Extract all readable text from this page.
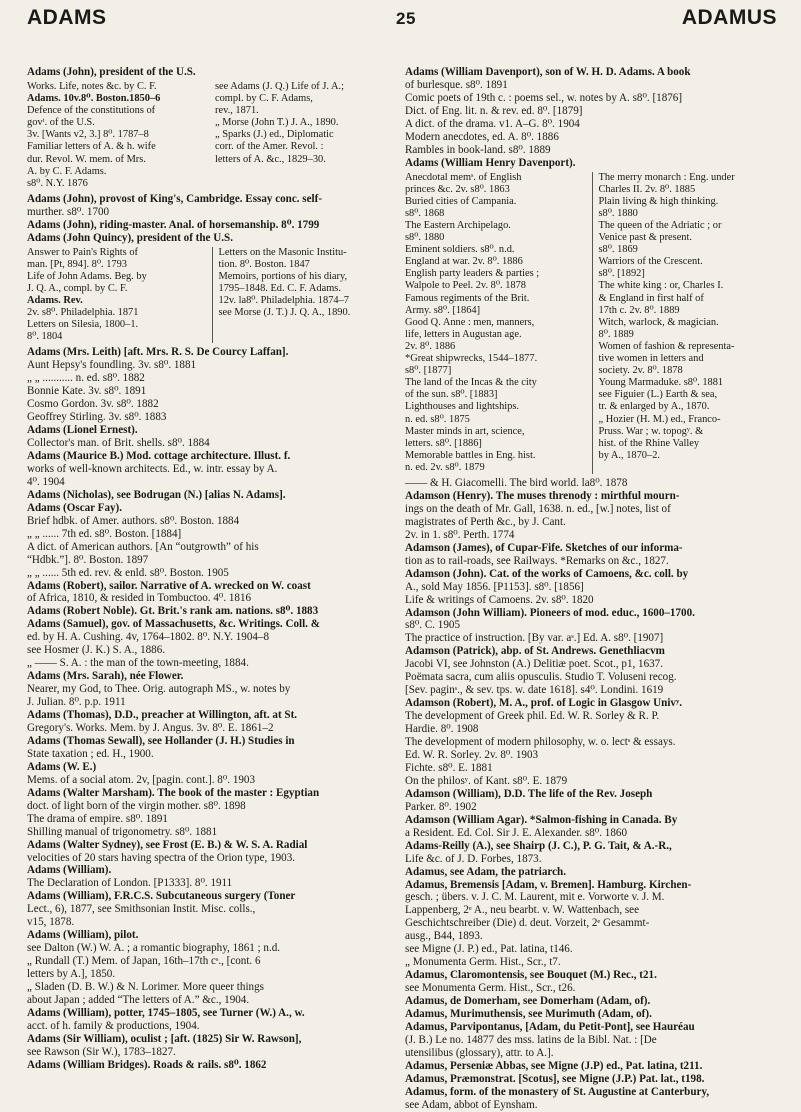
ADAMS	25	ADAMUS

Adams (John), president of the U.S.

Works. Life, notes &c. by C. F.
Adams. 10v.8⁰. Boston.1850–6
Defence of the constitutions of
govᵗ. of the U.S.
3v. [Wants v2, 3.] 8⁰. 1787–8
Familiar letters of A. & h. wife
dur. Revol. W. mem. of Mrs.
A. by C. F. Adams.
s8⁰. N.Y. 1876
see Adams (J. Q.) Life of J. A.;
compl. by C. F. Adams,
rev., 1871.
„ Morse (John T.) J. A., 1890.
„ Sparks (J.) ed., Diplomatic
corr. of the Amer. Revol. :
letters of A. &c., 1829–30.
Adams (John), provost of King's, Cambridge. Essay conc. self-
murther. s8⁰. 1700
Adams (John), riding-master. Anal. of horsemanship. 8⁰. 1799
Adams (John Quincy), president of the U.S.
Answer to Pain's Rights of
man. [Pt, 894]. 8⁰. 1793
Life of John Adams. Beg. by
J. Q. A., compl. by C. F.
Adams. Rev.
2v. s8⁰. Philadelphia. 1871
Letters on Silesia, 1800–1.
8⁰. 1804
Letters on the Masonic Institu-
tion. 8⁰. Boston. 1847
Memoirs, portions of his diary,
1795–1848. Ed. C. F. Adams.
12v. la8⁰. Philadelphia. 1874–7
see Morse (J. T.) J. Q. A., 1890.
Adams (Mrs. Leith) [aft. Mrs. R. S. De Courcy Laffan].
Aunt Hepsy's foundling. 3v. s8⁰. 1881
„ „ ........... n. ed. s8⁰. 1882
Bonnie Kate. 3v. s8⁰. 1891
Cosmo Gordon. 3v. s8⁰. 1882
Geoffrey Stirling. 3v. s8⁰. 1883
Adams (Lionel Ernest).
Collector's man. of Brit. shells. s8⁰. 1884
Adams (Maurice B.) Mod. cottage architecture. Illust. f.
works of well-known architects. Ed., w. intr. essay by A.
4⁰. 1904
Adams (Nicholas), see Bodrugan (N.) [alias N. Adams].
Adams (Oscar Fay).
Brief hdbk. of Amer. authors. s8⁰. Boston. 1884
„ „ ...... 7th ed. s8⁰. Boston. [1884]
A dict. of American authors. [An “outgrowth” of his
“Hdbk.”]. 8⁰. Boston. 1897
„ „ ...... 5th ed. rev. & enld. s8⁰. Boston. 1905
Adams (Robert), sailor. Narrative of A. wrecked on W. coast
of Africa, 1810, & resided in Tombuctoo. 4⁰. 1816
Adams (Robert Noble). Gt. Brit.'s rank am. nations. s8⁰. 1883
Adams (Samuel), gov. of Massachusetts, &c. Writings. Coll. &
ed. by H. A. Cushing. 4v, 1764–1802. 8⁰. N.Y. 1904–8
see Hosmer (J. K.) S. A., 1886.
„ —— S. A. : the man of the town-meeting, 1884.
Adams (Mrs. Sarah), née Flower.
Nearer, my God, to Thee. Orig. autograph MS., w. notes by
J. Julian. 8⁰. p.p. 1911
Adams (Thomas), D.D., preacher at Willington, aft. at St.
Gregory's. Works. Mem. by J. Angus. 3v. 8⁰. E. 1861–2
Adams (Thomas Sewall), see Hollander (J. H.) Studies in
State taxation ; ed. H., 1900.
Adams (W. E.)
Mems. of a social atom. 2v, [pagin. cont.]. 8⁰. 1903
Adams (Walter Marsham). The book of the master : Egyptian
doct. of light born of the virgin mother. s8⁰. 1898
The drama of empire. s8⁰. 1891
Shilling manual of trigonometry. s8⁰. 1881
Adams (Walter Sydney), see Frost (E. B.) & W. S. A. Radial
velocities of 20 stars having spectra of the Orion type, 1903.
Adams (William).
The Declaration of London. [P1333]. 8⁰. 1911
Adams (William), F.R.C.S. Subcutaneous surgery (Toner
Lect., 6), 1877, see Smithsonian Instit. Misc. colls.,
v15, 1878.
Adams (William), pilot.
see Dalton (W.) W. A. ; a romantic biography, 1861 ; n.d.
„ Rundall (T.) Mem. of Japan, 16th–17th cˢ., [cont. 6
letters by A.], 1850.
„ Sladen (D. B. W.) & N. Lorimer. More queer things
about Japan ; added “The letters of A.” &c., 1904.
Adams (William), potter, 1745–1805, see Turner (W.) A., w.
acct. of h. family & productions, 1904.
Adams (Sir William), oculist ; [aft. (1825) Sir W. Rawson],
see Rawson (Sir W.), 1783–1827.
Adams (William Bridges). Roads & rails. s8⁰. 1862
Adams (William Davenport), son of W. H. D. Adams. A book
of burlesque. s8⁰. 1891
Comic poets of 19th c. : poems sel., w. notes by A. s8⁰. [1876]
Dict. of Eng. lit. n. & rev. ed. 8⁰. [1879]
A dict. of the drama. v1. A–G. 8⁰. 1904
Modern anecdotes, ed. A. 8⁰. 1886
Rambles in book-land. s8⁰. 1889
Adams (William Henry Davenport).
Anecdotal memˢ. of English
princes &c. 2v. s8⁰. 1863
Buried cities of Campania.
s8⁰. 1868
The Eastern Archipelago.
s8⁰. 1880
Eminent soldiers. s8⁰. n.d.
England at war. 2v. 8⁰. 1886
English party leaders & parties ;
Walpole to Peel. 2v. 8⁰. 1878
Famous regiments of the Brit.
Army. s8⁰. [1864]
Good Q. Anne : men, manners,
life, letters in Augustan age.
2v. 8⁰. 1886
*Great shipwrecks, 1544–1877.
s8⁰. [1877]
The land of the Incas & the city
of the sun. s8⁰. [1883]
Lighthouses and lightships.
n. ed. s8⁰. 1875
Master minds in art, science,
letters. s8⁰. [1886]
Memorable battles in Eng. hist.
n. ed. 2v. s8⁰. 1879
The merry monarch : Eng. under
Charles II. 2v. 8⁰. 1885
Plain living & high thinking.
s8⁰. 1880
The queen of the Adriatic ; or
Venice past & present.
s8⁰. 1869
Warriors of the Crescent.
s8⁰. [1892]
The white king : or, Charles I.
& England in first half of
17th c. 2v. 8⁰. 1889
Witch, warlock, & magician.
8⁰. 1889
Women of fashion & representa-
tive women in letters and
society. 2v. 8⁰. 1878
Young Marmaduke. s8⁰. 1881
see Figuier (L.) Earth & sea,
tr. & enlarged by A., 1870.
„ Hozier (H. M.) ed., Franco-
Pruss. War ; w. topogʸ. &
hist. of the Rhine Valley
by A., 1870–2.
—— & H. Giacomelli. The bird world. la8⁰. 1878
Adamson (Henry). The muses threnody : mirthful mourn-
ings on the death of Mr. Gall, 1638. n. ed., [w.] notes, list of
magistrates of Perth &c., by J. Cant.
2v. in 1. s8⁰. Perth. 1774
Adamson (James), of Cupar-Fife. Sketches of our informa-
tion as to rail-roads, see Railways. *Remarks on &c., 1827.
Adamson (John). Cat. of the works of Camoens, &c. coll. by
A., sold May 1856. [P1153]. s8⁰. [1856]
Life & writings of Camoens. 2v. s8⁰. 1820
Adamson (John William). Pioneers of mod. educ., 1600–1700.
s8⁰. C. 1905
The practice of instruction. [By var. aˢ.] Ed. A. s8⁰. [1907]
Adamson (Patrick), abp. of St. Andrews. Genethliacvm
Jacobi VI, see Johnston (A.) Delitiæ poet. Scot., p1, 1637.
Poëmata sacra, cum aliis opusculis. Studio T. Voluseni recog.
[Sev. paginˢ., & sev. tps. w. date 1618]. s4⁰. Londini. 1619
Adamson (Robert), M. A., prof. of Logic in Glasgow Univʸ.
The development of Greek phil. Ed. W. R. Sorley & R. P.
Hardie. 8⁰. 1908
The development of modern philosophy, w. o. lectˢ & essays.
Ed. W. R. Sorley. 2v. 8⁰. 1903
Fichte. s8⁰. E. 1881
On the philosʸ. of Kant. s8⁰. E. 1879
Adamson (William), D.D. The life of the Rev. Joseph
Parker. 8⁰. 1902
Adamson (William Agar). *Salmon-fishing in Canada. By
a Resident. Ed. Col. Sir J. E. Alexander. s8⁰. 1860
Adams-Reilly (A.), see Shairp (J. C.), P. G. Tait, & A.-R.,
Life &c. of J. D. Forbes, 1873.
Adamus, see Adam, the patriarch.
Adamus, Bremensis [Adam, v. Bremen]. Hamburg. Kirchen-
gesch. ; übers. v. J. C. M. Laurent, mit e. Vorworte v. J. M.
Lappenberg, 2ᵉ A., neu bearbt. v. W. Wattenbach, see
Geschichtschreiber (Die) d. deut. Vorzeit, 2ᵉ Gesammt-
ausg., B44, 1893.
see Migne (J. P.) ed., Pat. latina, t146.
„ Monumenta Germ. Hist., Scr., t7.
Adamus, Claromontensis, see Bouquet (M.) Rec., t21.
see Monumenta Germ. Hist., Scr., t26.
Adamus, de Domerham, see Domerham (Adam, of).
Adamus, Murimuthensis, see Murimuth (Adam, of).
Adamus, Parvipontanus, [Adam, du Petit-Pont], see Hauréau
(J. B.) Le no. 14877 des mss. latins de la Bibl. Nat. : [De
utensilibus (glossary), attr. to A.].
Adamus, Perseniæ Abbas, see Migne (J.P) ed., Pat. latina, t211.
Adamus, Præmonstrat. [Scotus], see Migne (J.P.) Pat. lat., t198.
Adamus, form. of the monastery of St. Augustine at Canterbury,
see Adam, abbot of Eynsham.
